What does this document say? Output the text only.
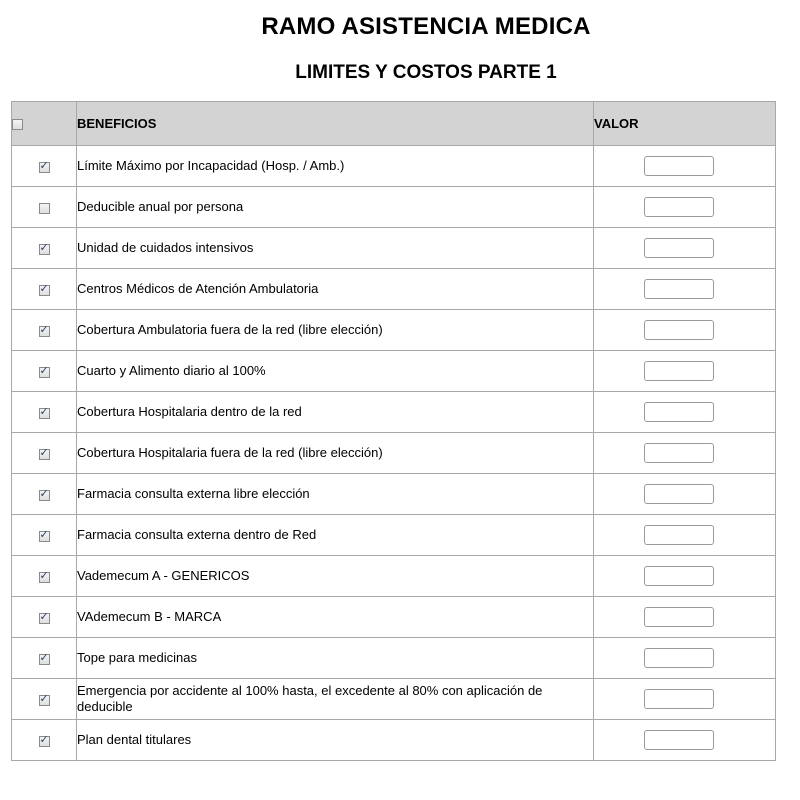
RAMO ASISTENCIA MEDICA
LIMITES Y COSTOS PARTE 1
	BENEFICIOS	VALOR
✓	Límite Máximo por Incapacidad (Hosp. / Amb.)	

	Deducible anual por persona	

✓	Unidad de cuidados intensivos	

✓	Centros Médicos de Atención Ambulatoria	

✓	Cobertura Ambulatoria fuera de la red (libre elección)	

✓	Cuarto y Alimento diario al 100%	

✓	Cobertura Hospitalaria dentro de la red	

✓	Cobertura Hospitalaria fuera de la red (libre elección)	

✓	Farmacia consulta externa libre elección	

✓	Farmacia consulta externa dentro de Red	

✓	Vademecum A - GENERICOS	

✓	VAdemecum B - MARCA	

✓	Tope para medicinas	

✓	Emergencia por accidente al 100% hasta, el excedente al 80% con aplicación de deducible	

✓	Plan dental titulares	
